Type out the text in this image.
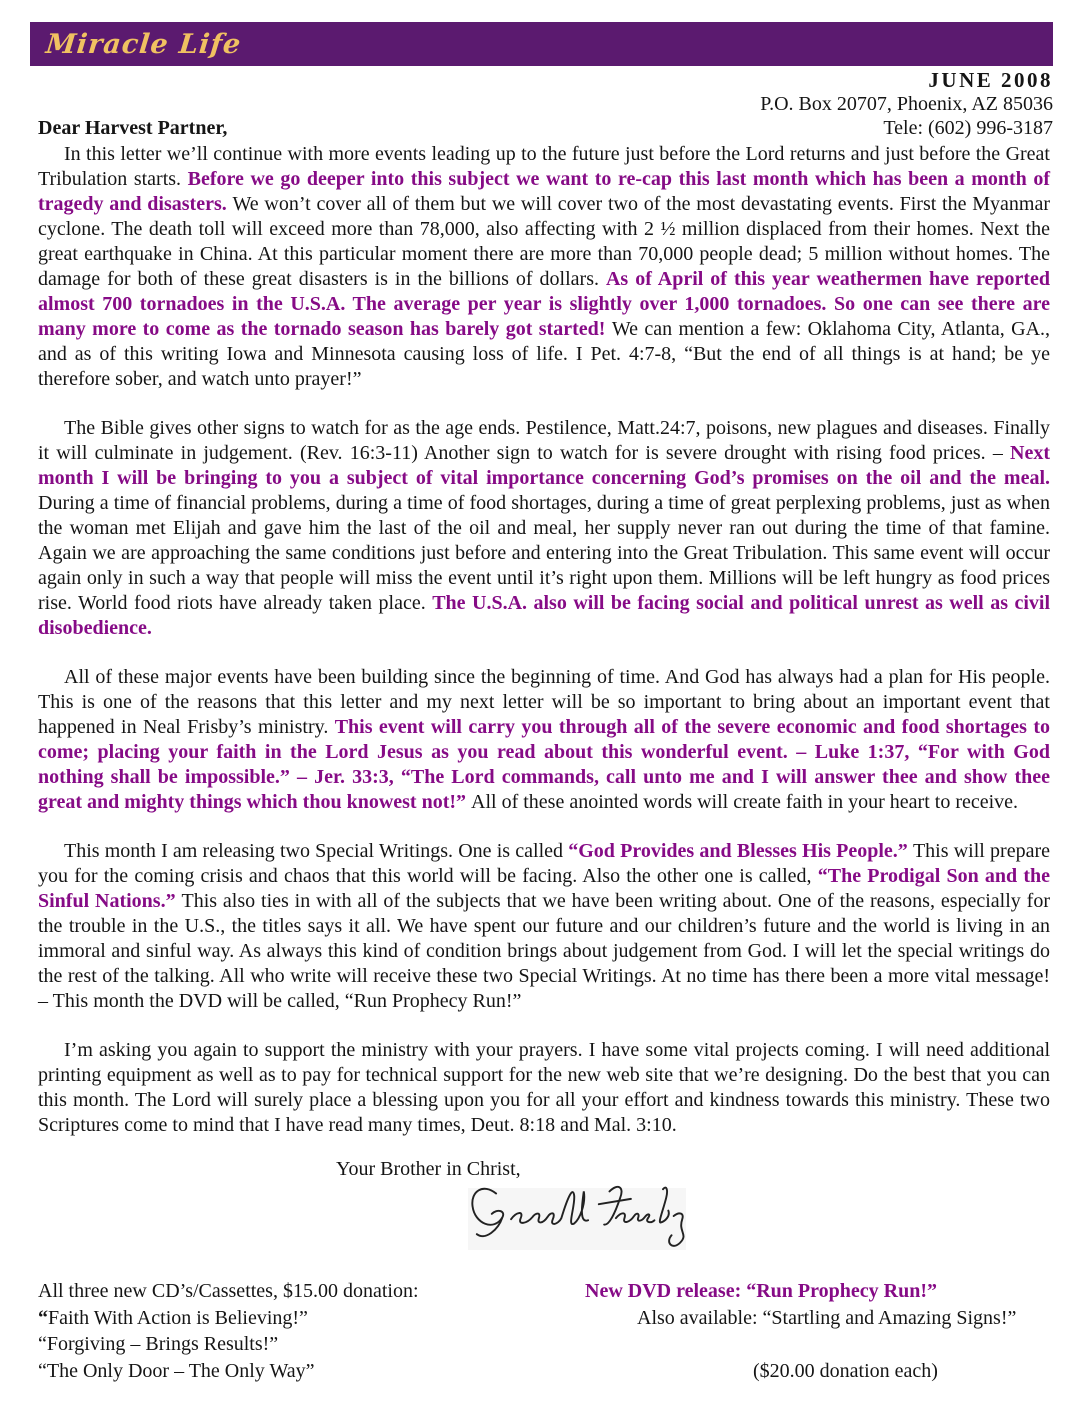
Miracle Life
JUNE 2008
P.O. Box 20707, Phoenix, AZ 85036
Tele: (602) 996-3187
Dear Harvest Partner,

In this letter we’ll continue with more events leading up to the future just before the Lord returns and just before the Great Tribulation starts. Before we go deeper into this subject we want to re-cap this last month which has been a month of tragedy and disasters. We won’t cover all of them but we will cover two of the most devastating events. First the Myanmar cyclone. The death toll will exceed more than 78,000, also affecting with 2 ½ million displaced from their homes. Next the great earthquake in China. At this particular moment there are more than 70,000 people dead; 5 million without homes. The damage for both of these great disasters is in the billions of dollars. As of April of this year weathermen have reported almost 700 tornadoes in the U.S.A. The average per year is slightly over 1,000 tornadoes. So one can see there are many more to come as the tornado season has barely got started! We can mention a few: Oklahoma City, Atlanta, GA., and as of this writing Iowa and Minnesota causing loss of life. I Pet. 4:7-8, “But the end of all things is at hand; be ye therefore sober, and watch unto prayer!”

The Bible gives other signs to watch for as the age ends. Pestilence, Matt.24:7, poisons, new plagues and diseases. Finally it will culminate in judgement. (Rev. 16:3-11) Another sign to watch for is severe drought with rising food prices. – Next month I will be bringing to you a subject of vital importance concerning God’s promises on the oil and the meal. During a time of financial problems, during a time of food shortages, during a time of great perplexing problems, just as when the woman met Elijah and gave him the last of the oil and meal, her supply never ran out during the time of that famine. Again we are approaching the same conditions just before and entering into the Great Tribulation. This same event will occur again only in such a way that people will miss the event until it’s right upon them. Millions will be left hungry as food prices rise. World food riots have already taken place. The U.S.A. also will be facing social and political unrest as well as civil disobedience.

All of these major events have been building since the beginning of time. And God has always had a plan for His people. This is one of the reasons that this letter and my next letter will be so important to bring about an important event that happened in Neal Frisby’s ministry. This event will carry you through all of the severe economic and food shortages to come; placing your faith in the Lord Jesus as you read about this wonderful event. – Luke 1:37, “For with God nothing shall be impossible.” – Jer. 33:3, “The Lord commands, call unto me and I will answer thee and show thee great and mighty things which thou knowest not!” All of these anointed words will create faith in your heart to receive.

This month I am releasing two Special Writings. One is called “God Provides and Blesses His People.” This will prepare you for the coming crisis and chaos that this world will be facing. Also the other one is called, “The Prodigal Son and the Sinful Nations.” This also ties in with all of the subjects that we have been writing about. One of the reasons, especially for the trouble in the U.S., the titles says it all. We have spent our future and our children’s future and the world is living in an immoral and sinful way. As always this kind of condition brings about judgement from God. I will let the special writings do the rest of the talking. All who write will receive these two Special Writings. At no time has there been a more vital message! – This month the DVD will be called, “Run Prophecy Run!”

I’m asking you again to support the ministry with your prayers. I have some vital projects coming. I will need additional printing equipment as well as to pay for technical support for the new web site that we’re designing. Do the best that you can this month. The Lord will surely place a blessing upon you for all your effort and kindness towards this ministry. These two Scriptures come to mind that I have read many times, Deut. 8:18 and Mal. 3:10.

Your Brother in Christ,
All three new CD’s/Cassettes, $15.00 donation:
“Faith With Action is Believing!”
“Forgiving – Brings Results!”
“The Only Door – The Only Way”
New DVD release: “Run Prophecy Run!”
Also available: “Startling and Amazing Signs!”
($20.00 donation each)
